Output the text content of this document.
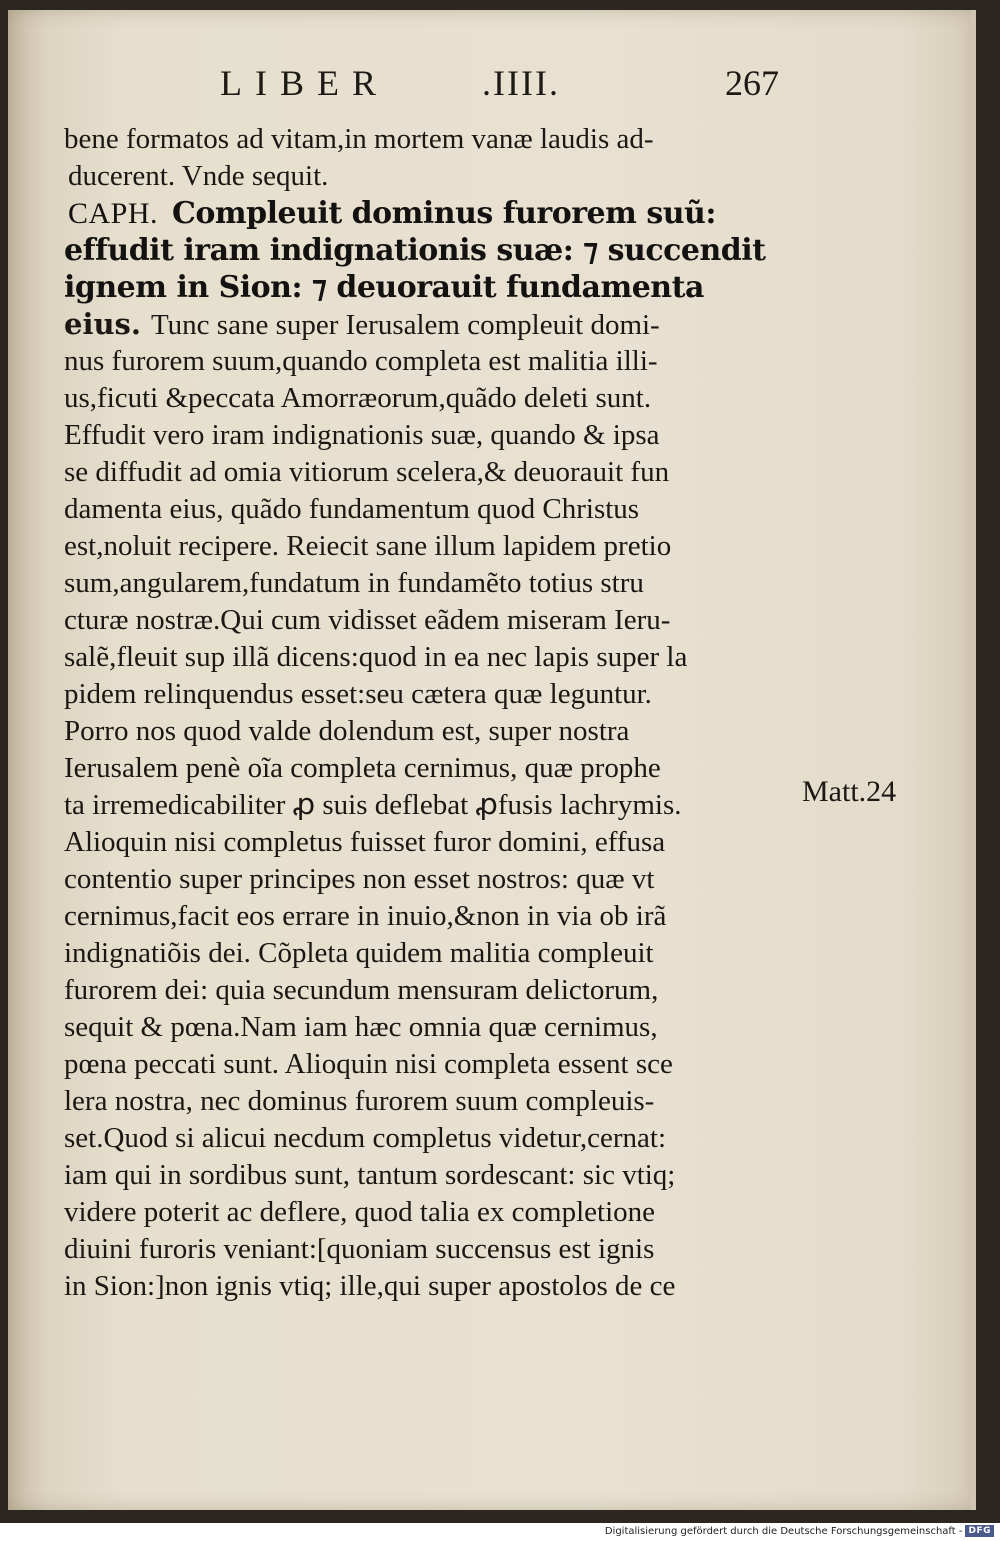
LIBER	.IIII.	267
bene formatos ad vitam,in mortem vanæ laudis ad‑
ducerent. Vnde sequit.
CAPH. Compleuit dominus furorem suũ:
effudit iram indignationis suæ: ⁊ succendit
ignem in Sion: ⁊ deuorauit fundamenta
eius. Tunc sane super Ierusalem compleuit domi-
nus furorem suum,quando completa est malitia illi-
us,ficuti &peccata Amorræorum,quãdo deleti sunt.
Effudit vero iram indignationis suæ, quando & ipsa
se diffudit ad omia vitiorum scelera,& deuorauit fun
damenta eius, quãdo fundamentum quod Christus
est,noluit recipere. Reiecit sane illum lapidem pretio
sum,angularem,fundatum in fundamẽto totius stru
cturæ nostræ.Qui cum vidisset eãdem miseram Ieru-
salẽ,fleuit sup illã dicens:quod in ea nec lapis super la
pidem relinquendus esset:seu cætera quæ leguntur.
Porro nos quod valde dolendum est, super nostra
Ierusalem penè oĩa completa cernimus, quæ prophe
ta irremedicabiliter ꝓ suis deflebat ꝓfusis lachrymis.
Alioquin nisi completus fuisset furor domini, effusa
contentio super principes non esset nostros: quæ vt
cernimus,facit eos errare in inuio,&non in via ob irã
indignatiõis dei. Cõpleta quidem malitia compleuit
furorem dei: quia secundum mensuram delictorum,
sequit & pœna.Nam iam hæc omnia quæ cernimus,
pœna peccati sunt. Alioquin nisi completa essent sce
lera nostra, nec dominus furorem suum compleuis-
set.Quod si alicui necdum completus videtur,cernat:
iam qui in sordibus sunt, tantum sordescant: sic vtiq;
videre poterit ac deflere, quod talia ex completione
diuini furoris veniant:[quoniam succensus est ignis
in Sion:]non ignis vtiq; ille,qui super apostolos de ce
Matt.24
Digitalisierung gefördert durch die Deutsche Forschungsgemeinschaft - DFG
